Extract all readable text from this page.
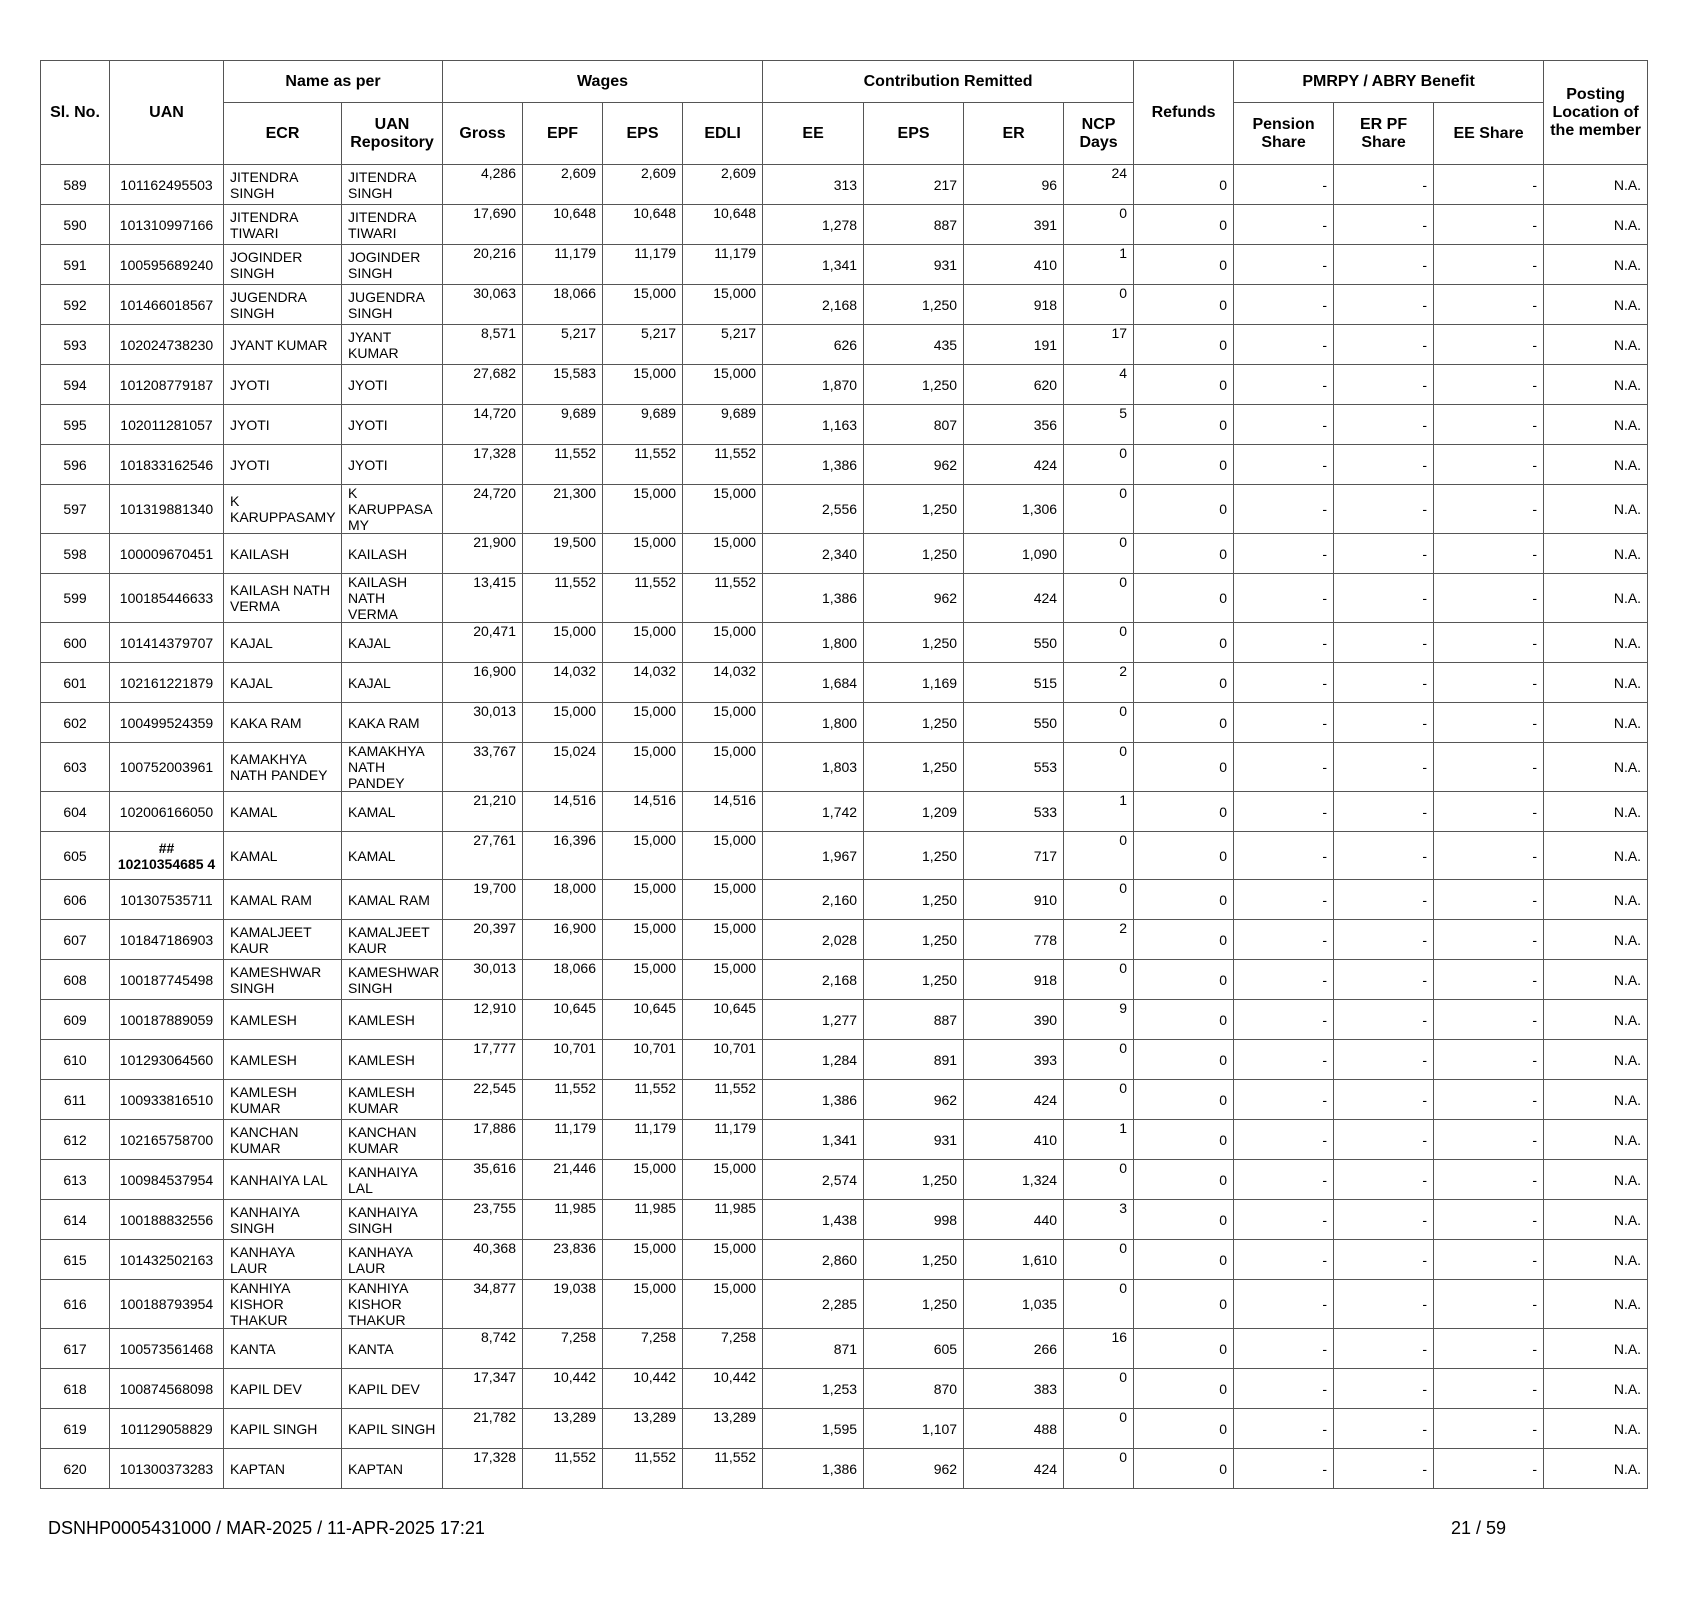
Sl. No.	UAN	Name as per		Wages				Contribution Remitted				Refunds	PMRPY / ABRY Benefit			Posting Location of the member
		ECR	UAN Repository	Gross	EPF	EPS	EDLI	EE	EPS	ER	NCP Days		Pension Share	ER PF Share	EE Share	
589	101162495503	JITENDRA SINGH	JITENDRA SINGH	4,286	2,609	2,609	2,609	313	217	96	24	0	-	-	-	N.A.
590	101310997166	JITENDRA TIWARI	JITENDRA TIWARI	17,690	10,648	10,648	10,648	1,278	887	391	0	0	-	-	-	N.A.
591	100595689240	JOGINDER SINGH	JOGINDER SINGH	20,216	11,179	11,179	11,179	1,341	931	410	1	0	-	-	-	N.A.
592	101466018567	JUGENDRA SINGH	JUGENDRA SINGH	30,063	18,066	15,000	15,000	2,168	1,250	918	0	0	-	-	-	N.A.
593	102024738230	JYANT KUMAR	JYANT KUMAR	8,571	5,217	5,217	5,217	626	435	191	17	0	-	-	-	N.A.
594	101208779187	JYOTI	JYOTI	27,682	15,583	15,000	15,000	1,870	1,250	620	4	0	-	-	-	N.A.
595	102011281057	JYOTI	JYOTI	14,720	9,689	9,689	9,689	1,163	807	356	5	0	-	-	-	N.A.
596	101833162546	JYOTI	JYOTI	17,328	11,552	11,552	11,552	1,386	962	424	0	0	-	-	-	N.A.
597	101319881340	K KARUPPASAMY	K KARUPPASA MY	24,720	21,300	15,000	15,000	2,556	1,250	1,306	0	0	-	-	-	N.A.
598	100009670451	KAILASH	KAILASH	21,900	19,500	15,000	15,000	2,340	1,250	1,090	0	0	-	-	-	N.A.
599	100185446633	KAILASH NATH VERMA	KAILASH NATH VERMA	13,415	11,552	11,552	11,552	1,386	962	424	0	0	-	-	-	N.A.
600	101414379707	KAJAL	KAJAL	20,471	15,000	15,000	15,000	1,800	1,250	550	0	0	-	-	-	N.A.
601	102161221879	KAJAL	KAJAL	16,900	14,032	14,032	14,032	1,684	1,169	515	2	0	-	-	-	N.A.
602	100499524359	KAKA RAM	KAKA RAM	30,013	15,000	15,000	15,000	1,800	1,250	550	0	0	-	-	-	N.A.
603	100752003961	KAMAKHYA NATH PANDEY	KAMAKHYA NATH PANDEY	33,767	15,024	15,000	15,000	1,803	1,250	553	0	0	-	-	-	N.A.
604	102006166050	KAMAL	KAMAL	21,210	14,516	14,516	14,516	1,742	1,209	533	1	0	-	-	-	N.A.
605	## 10210354685 4	KAMAL	KAMAL	27,761	16,396	15,000	15,000	1,967	1,250	717	0	0	-	-	-	N.A.
606	101307535711	KAMAL RAM	KAMAL RAM	19,700	18,000	15,000	15,000	2,160	1,250	910	0	0	-	-	-	N.A.
607	101847186903	KAMALJEET KAUR	KAMALJEET KAUR	20,397	16,900	15,000	15,000	2,028	1,250	778	2	0	-	-	-	N.A.
608	100187745498	KAMESHWAR SINGH	KAMESHWAR SINGH	30,013	18,066	15,000	15,000	2,168	1,250	918	0	0	-	-	-	N.A.
609	100187889059	KAMLESH	KAMLESH	12,910	10,645	10,645	10,645	1,277	887	390	9	0	-	-	-	N.A.
610	101293064560	KAMLESH	KAMLESH	17,777	10,701	10,701	10,701	1,284	891	393	0	0	-	-	-	N.A.
611	100933816510	KAMLESH KUMAR	KAMLESH KUMAR	22,545	11,552	11,552	11,552	1,386	962	424	0	0	-	-	-	N.A.
612	102165758700	KANCHAN KUMAR	KANCHAN KUMAR	17,886	11,179	11,179	11,179	1,341	931	410	1	0	-	-	-	N.A.
613	100984537954	KANHAIYA LAL	KANHAIYA LAL	35,616	21,446	15,000	15,000	2,574	1,250	1,324	0	0	-	-	-	N.A.
614	100188832556	KANHAIYA SINGH	KANHAIYA SINGH	23,755	11,985	11,985	11,985	1,438	998	440	3	0	-	-	-	N.A.
615	101432502163	KANHAYA LAUR	KANHAYA LAUR	40,368	23,836	15,000	15,000	2,860	1,250	1,610	0	0	-	-	-	N.A.
616	100188793954	KANHIYA KISHOR THAKUR	KANHIYA KISHOR THAKUR	34,877	19,038	15,000	15,000	2,285	1,250	1,035	0	0	-	-	-	N.A.
617	100573561468	KANTA	KANTA	8,742	7,258	7,258	7,258	871	605	266	16	0	-	-	-	N.A.
618	100874568098	KAPIL DEV	KAPIL DEV	17,347	10,442	10,442	10,442	1,253	870	383	0	0	-	-	-	N.A.
619	101129058829	KAPIL SINGH	KAPIL SINGH	21,782	13,289	13,289	13,289	1,595	1,107	488	0	0	-	-	-	N.A.
620	101300373283	KAPTAN	KAPTAN	17,328	11,552	11,552	11,552	1,386	962	424	0	0	-	-	-	N.A.
DSNHP0005431000 / MAR-2025 / 11-APR-2025 17:21	21 / 59
